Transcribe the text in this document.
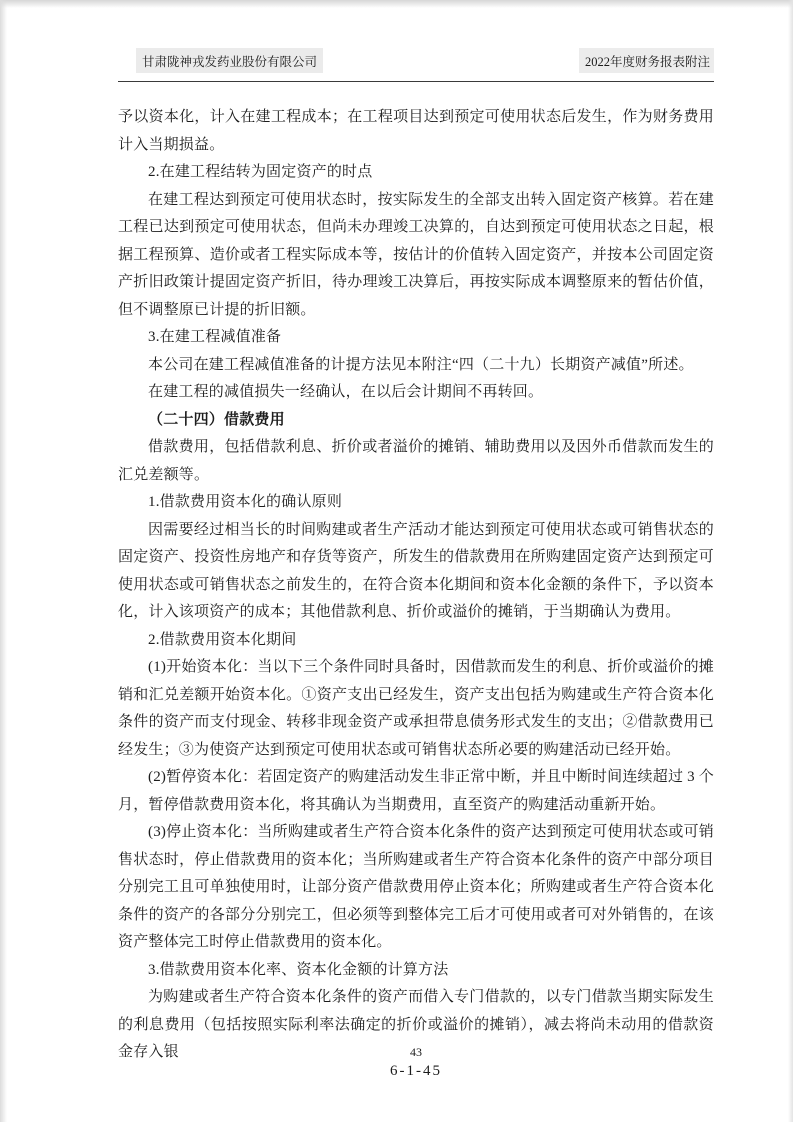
甘肃陇神戎发药业股份有限公司	2022年度财务报表附注

予以资本化，计入在建工程成本；在工程项目达到预定可使用状态后发生，作为财务费用计入当期损益。

2.在建工程结转为固定资产的时点

在建工程达到预定可使用状态时，按实际发生的全部支出转入固定资产核算。若在建工程已达到预定可使用状态，但尚未办理竣工决算的，自达到预定可使用状态之日起，根据工程预算、造价或者工程实际成本等，按估计的价值转入固定资产，并按本公司固定资产折旧政策计提固定资产折旧，待办理竣工决算后，再按实际成本调整原来的暂估价值，但不调整原已计提的折旧额。

3.在建工程减值准备

本公司在建工程减值准备的计提方法见本附注“四（二十九）长期资产减值”所述。

在建工程的减值损失一经确认，在以后会计期间不再转回。

（二十四）借款费用

借款费用，包括借款利息、折价或者溢价的摊销、辅助费用以及因外币借款而发生的汇兑差额等。

1.借款费用资本化的确认原则

因需要经过相当长的时间购建或者生产活动才能达到预定可使用状态或可销售状态的固定资产、投资性房地产和存货等资产，所发生的借款费用在所购建固定资产达到预定可使用状态或可销售状态之前发生的，在符合资本化期间和资本化金额的条件下，予以资本化，计入该项资产的成本；其他借款利息、折价或溢价的摊销，于当期确认为费用。

2.借款费用资本化期间

(1)开始资本化：当以下三个条件同时具备时，因借款而发生的利息、折价或溢价的摊销和汇兑差额开始资本化。①资产支出已经发生，资产支出包括为购建或生产符合资本化条件的资产而支付现金、转移非现金资产或承担带息债务形式发生的支出；②借款费用已经发生；③为使资产达到预定可使用状态或可销售状态所必要的购建活动已经开始。

(2)暂停资本化：若固定资产的购建活动发生非正常中断，并且中断时间连续超过 3 个月，暂停借款费用资本化，将其确认为当期费用，直至资产的购建活动重新开始。

(3)停止资本化：当所购建或者生产符合资本化条件的资产达到预定可使用状态或可销售状态时，停止借款费用的资本化；当所购建或者生产符合资本化条件的资产中部分项目分别完工且可单独使用时，让部分资产借款费用停止资本化；所购建或者生产符合资本化条件的资产的各部分分别完工，但必须等到整体完工后才可使用或者可对外销售的，在该资产整体完工时停止借款费用的资本化。

3.借款费用资本化率、资本化金额的计算方法

为购建或者生产符合资本化条件的资产而借入专门借款的，以专门借款当期实际发生的利息费用（包括按照实际利率法确定的折价或溢价的摊销），减去将尚未动用的借款资金存入银	43
6-1-45
